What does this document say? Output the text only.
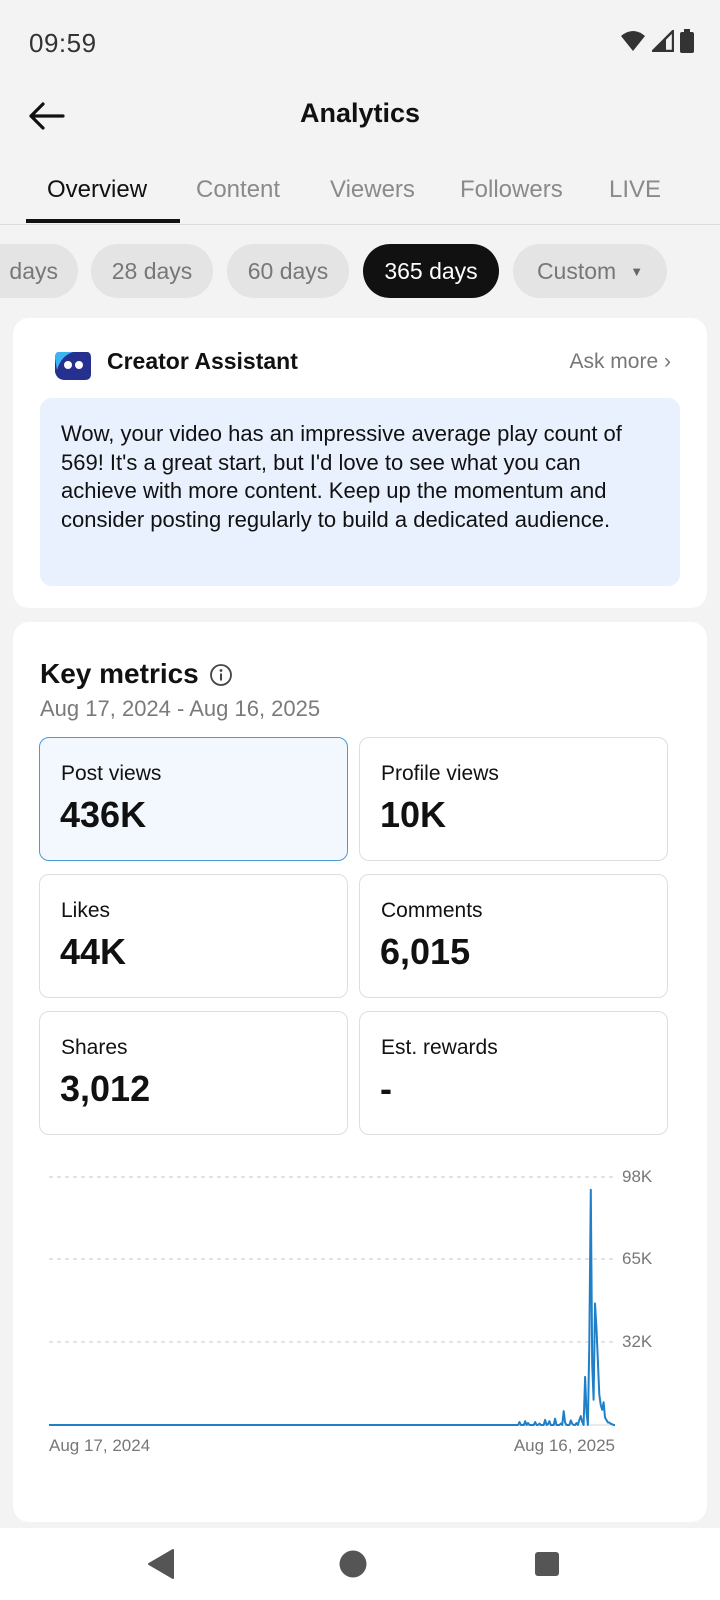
09:59
Analytics
Overview Content Viewers Followers LIVE
days 28 days 60 days 365 days	Custom ▼
Creator Assistant	Ask more ›
Wow, your video has an impressive average play count of 569! It's a great start, but I'd love to see what you can achieve with more content. Keep up the momentum and consider posting regularly to build a dedicated audience.
Key metrics
Aug 17, 2024 - Aug 16, 2025
Post views
436K
Profile views
10K
Likes
44K
Comments
6,015
Shares
3,012
Est. rewards
-
98K
65K
32K
Aug 17, 2024	Aug 16, 2025
